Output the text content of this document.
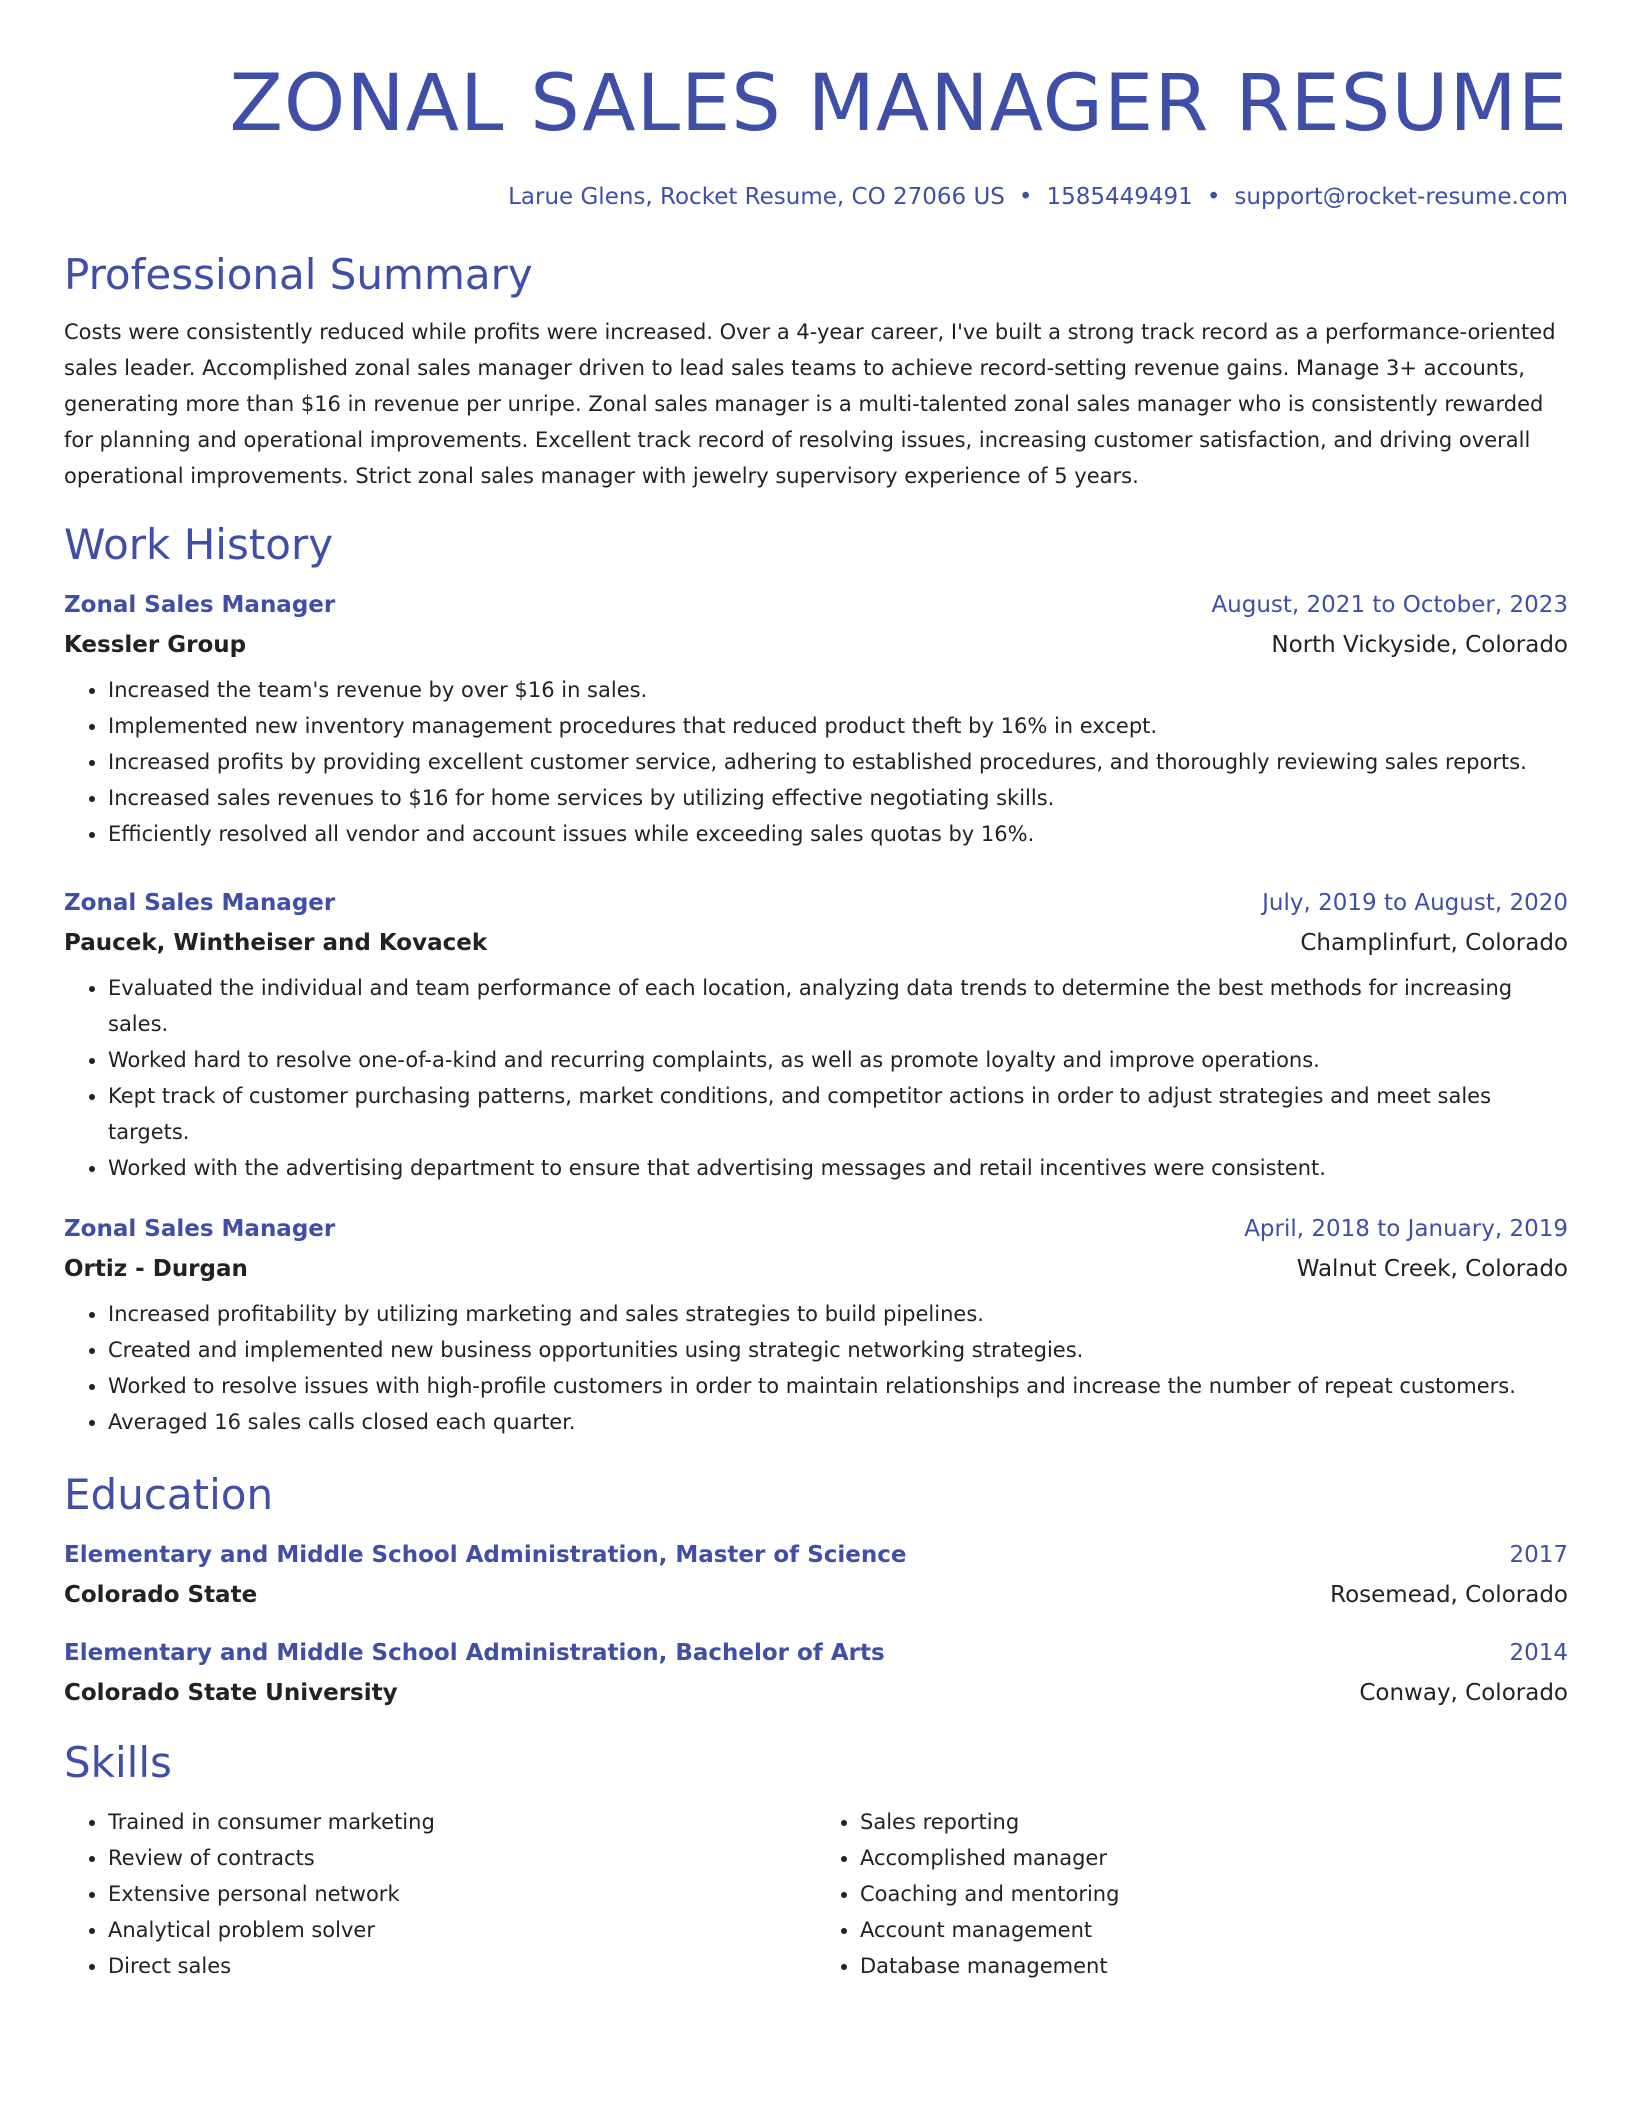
ZONAL SALES MANAGER RESUME
Larue Glens, Rocket Resume, CO 27066 US • 1585449491 • support@rocket-resume.com
Professional Summary
Costs were consistently reduced while profits were increased. Over a 4-year career, I've built a strong track record as a performance-oriented sales leader. Accomplished zonal sales manager driven to lead sales teams to achieve record-setting revenue gains. Manage 3+ accounts, generating more than $16 in revenue per unripe. Zonal sales manager is a multi-talented zonal sales manager who is consistently rewarded for planning and operational improvements. Excellent track record of resolving issues, increasing customer satisfaction, and driving overall operational improvements. Strict zonal sales manager with jewelry supervisory experience of 5 years.
Work History
Zonal Sales Manager	August, 2021 to October, 2023
Kessler Group	North Vickyside, Colorado
• Increased the team's revenue by over $16 in sales.
• Implemented new inventory management procedures that reduced product theft by 16% in except.
• Increased profits by providing excellent customer service, adhering to established procedures, and thoroughly reviewing sales reports.
• Increased sales revenues to $16 for home services by utilizing effective negotiating skills.
• Efficiently resolved all vendor and account issues while exceeding sales quotas by 16%.
Zonal Sales Manager	July, 2019 to August, 2020
Paucek, Wintheiser and Kovacek	Champlinfurt, Colorado
• Evaluated the individual and team performance of each location, analyzing data trends to determine the best methods for increasing sales.
• Worked hard to resolve one-of-a-kind and recurring complaints, as well as promote loyalty and improve operations.
• Kept track of customer purchasing patterns, market conditions, and competitor actions in order to adjust strategies and meet sales targets.
• Worked with the advertising department to ensure that advertising messages and retail incentives were consistent.
Zonal Sales Manager	April, 2018 to January, 2019
Ortiz - Durgan	Walnut Creek, Colorado
• Increased profitability by utilizing marketing and sales strategies to build pipelines.
• Created and implemented new business opportunities using strategic networking strategies.
• Worked to resolve issues with high-profile customers in order to maintain relationships and increase the number of repeat customers.
• Averaged 16 sales calls closed each quarter.
Education
Elementary and Middle School Administration, Master of Science	2017
Colorado State	Rosemead, Colorado
Elementary and Middle School Administration, Bachelor of Arts	2014
Colorado State University	Conway, Colorado
Skills
• Trained in consumer marketing
• Review of contracts
• Extensive personal network
• Analytical problem solver
• Direct sales
• Sales reporting
• Accomplished manager
• Coaching and mentoring
• Account management
• Database management
